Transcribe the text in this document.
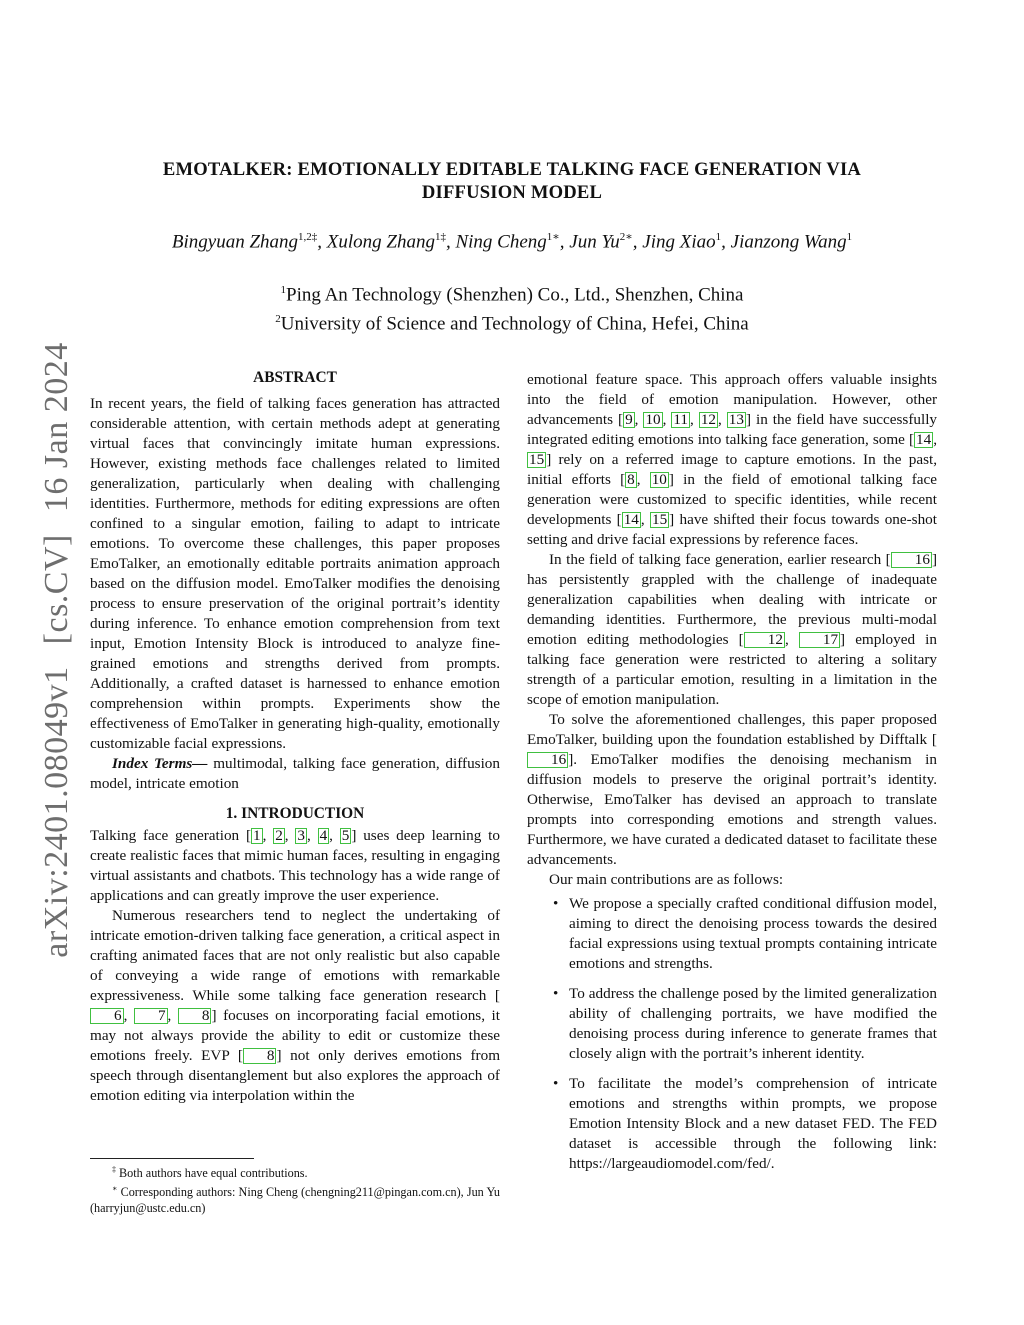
arXiv:2401.08049v1[cs.CV]16 Jan 2024
EMOTALKER: EMOTIONALLY EDITABLE TALKING FACE GENERATION VIA
DIFFUSION MODEL
Bingyuan Zhang$^{1,2\ddagger}$, Xulong Zhang$^{1\ddagger}$, Ning Cheng$^{1∗}$, Jun $Yu^{2∗}$, Jing Xiao$^1$, Jianzong Wang$^1$
$^1$Ping An Technology (Shenzhen) Co., Ltd., Shenzhen, China
$^2$University of Science and Technology of China, Hefei, China
ABSTRACT

In recent years, the field of talking faces generation has attracted considerable attention, with certain methods adept at generating virtual faces that convincingly imitate human expressions. However, existing methods face challenges related to limited generalization, particularly when dealing with challenging identities. Furthermore, methods for editing expressions are often confined to a singular emotion, failing to adapt to intricate emotions. To overcome these challenges, this paper proposes EmoTalker, an emotionally editable portraits animation approach based on the diffusion model. EmoTalker modifies the denoising process to ensure preservation of the original portrait’s identity during inference. To enhance emotion comprehension from text input, Emotion Intensity Block is introduced to analyze fine-grained emotions and strengths derived from prompts. Additionally, a crafted dataset is harnessed to enhance emotion comprehension within prompts. Experiments show the effectiveness of EmoTalker in generating high-quality, emotionally customizable facial expressions.

Index Terms— multimodal, talking face generation, diffusion model, intricate emotion

1. INTRODUCTION

Talking face generation [ 1 , 2 , 3 , 4 , 5 ] uses deep learning to create realistic faces that mimic human faces, resulting in engaging virtual assistants and chatbots. This technology has a wide range of applications and can greatly improve the user experience.

Numerous researchers tend to neglect the undertaking of intricate emotion-driven talking face generation, a critical aspect in crafting animated faces that are not only realistic but also capable of conveying a wide range of emotions with remarkable expressiveness. While some talking face generation research [6 , 7 , 8 ] focuses on incorporating facial emotions, it may not always provide the ability to edit or customize these emotions freely. EVP [ 8 ] not only derives emotions from speech through disentanglement but also explores the approach of emotion editing via interpolation within the

‡ Both authors have equal contributions.

∗ Corresponding authors: Ning Cheng (chengning211@pingan.com.cn), Jun Yu (harryjun@ustc.edu.cn)

emotional feature space. This approach offers valuable insights into the field of emotion manipulation. However, other advancements [ 9 , 10 , 11 , 12 , 13 ] in the field have successfully integrated editing emotions into talking face generation, some [ 14 , 15 ] rely on a referred image to capture emotions. In the past, initial efforts [ 8 , 10 ] in the field of emotional talking face generation were customized to specific identities, while recent developments [ 14 , 15 ] have shifted their focus towards one-shot setting and drive facial expressions by reference faces.

In the field of talking face generation, earlier research [ 16 ] has persistently grappled with the challenge of inadequate generalization capabilities when dealing with intricate or demanding identities. Furthermore, the previous multi-modal emotion editing methodologies [ 12 , 17 ] employed in talking face generation were restricted to altering a solitary strength of a particular emotion, resulting in a limitation in the scope of emotion manipulation.

To solve the aforementioned challenges, this paper proposed EmoTalker, building upon the foundation established by Difftalk [16 ]. EmoTalker modifies the denoising mechanism in diffusion models to preserve the original portrait’s identity. Otherwise, EmoTalker has devised an approach to translate prompts into corresponding emotions and strength values. Furthermore, we have curated a dedicated dataset to facilitate these advancements.

Our main contributions are as follows:

• We propose a specially crafted conditional diffusion model, aiming to direct the denoising process towards the desired facial expressions using textual prompts containing intricate emotions and strengths.
• To address the challenge posed by the limited generalization ability of challenging portraits, we have modified the denoising process during inference to generate frames that closely align with the portrait’s inherent identity.
• To facilitate the model’s comprehension of intricate emotions and strengths within prompts, we propose Emotion Intensity Block and a new dataset FED. The FED dataset is accessible through the following link: https://largeaudiomodel.com/fed/.
